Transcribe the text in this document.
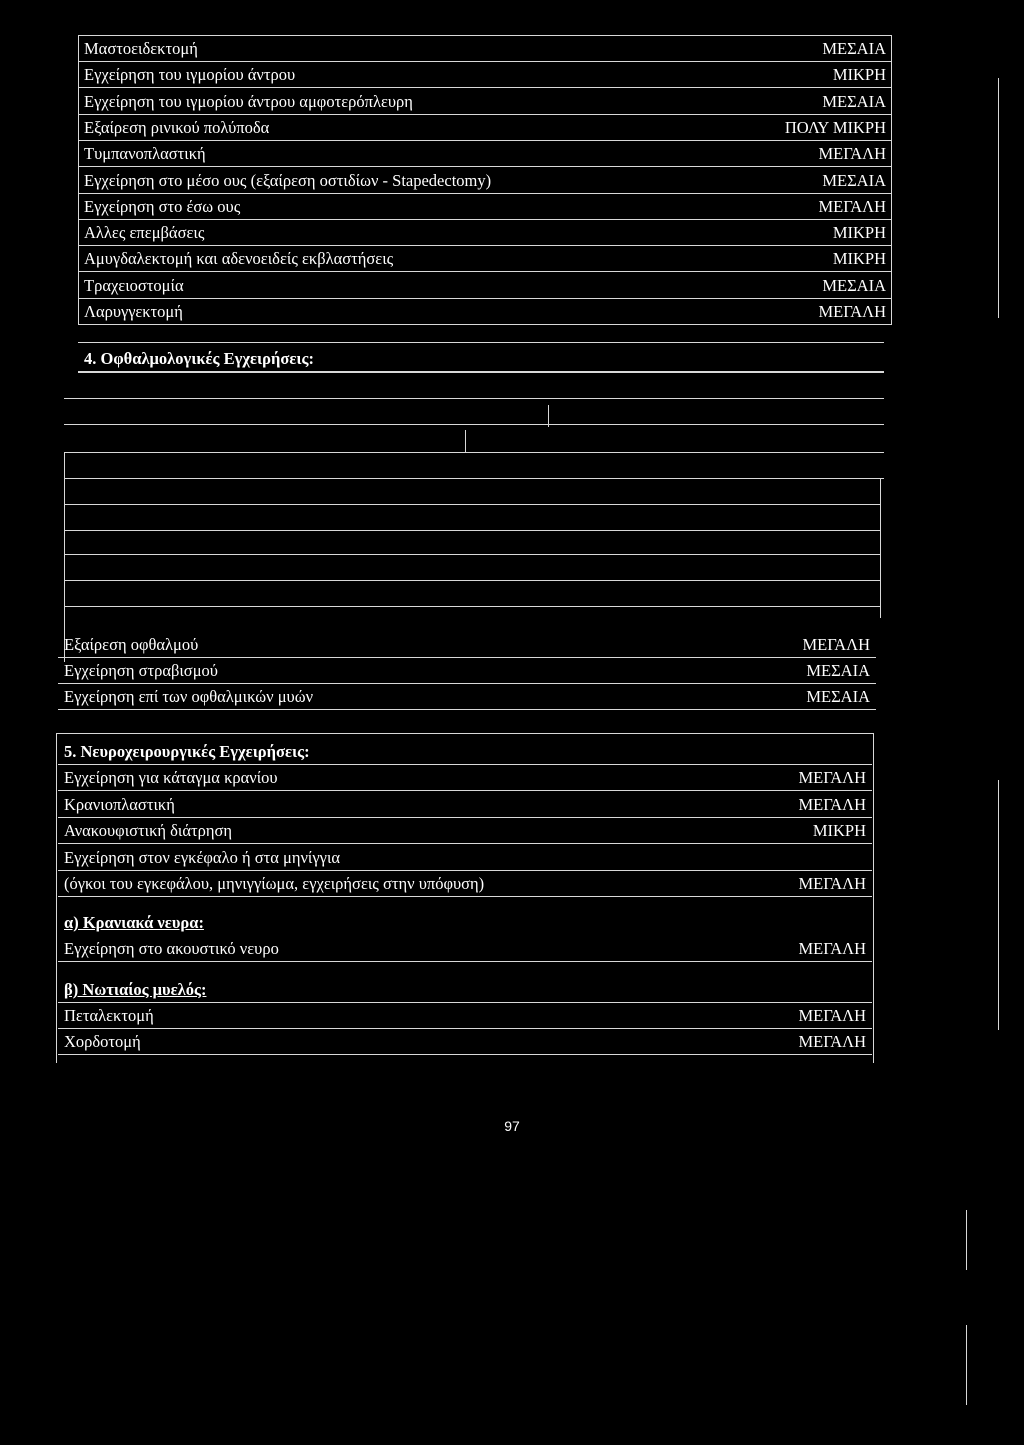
Μαστοειδεκτομή	ΜΕΣΑΙΑ
Εγχείρηση του ιγμορίου άντρου	ΜΙΚΡΗ
Εγχείρηση του ιγμορίου άντρου αμφοτερόπλευρη	ΜΕΣΑΙΑ
Εξαίρεση ρινικού πολύποδα	ΠΟΛΥ ΜΙΚΡΗ
Τυμπανοπλαστική	ΜΕΓΑΛΗ
Εγχείρηση στο μέσο ους (εξαίρεση οστιδίων - Stapedectomy)	ΜΕΣΑΙΑ
Εγχείρηση στο έσω ους	ΜΕΓΑΛΗ
Αλλες επεμβάσεις	ΜΙΚΡΗ
Αμυγδαλεκτομή και αδενοειδείς εκβλαστήσεις	ΜΙΚΡΗ
Τραχειοστομία	ΜΕΣΑΙΑ
Λαρυγγεκτομή	ΜΕΓΑΛΗ
4. Οφθαλμολογικές Εγχειρήσεις:
Εξαίρεση οφθαλμού	ΜΕΓΑΛΗ
Εγχείρηση στραβισμού	ΜΕΣΑΙΑ
Εγχείρηση επί των οφθαλμικών μυών	ΜΕΣΑΙΑ
5. Νευροχειρουργικές Εγχειρήσεις:
Εγχείρηση για κάταγμα κρανίου	ΜΕΓΑΛΗ
Κρανιοπλαστική	ΜΕΓΑΛΗ
Ανακουφιστική διάτρηση	ΜΙΚΡΗ
Εγχείρηση στον εγκέφαλο ή στα μηνίγγια
(όγκοι του εγκεφάλου, μηνιγγίωμα, εγχειρήσεις στην υπόφυση)	ΜΕΓΑΛΗ
α) Κρανιακά νευρα:
Εγχείρηση στο ακουστικό νευρο	ΜΕΓΑΛΗ
β) Νωτιαίος μυελός:
Πεταλεκτομή	ΜΕΓΑΛΗ
Χορδοτομή	ΜΕΓΑΛΗ
97
